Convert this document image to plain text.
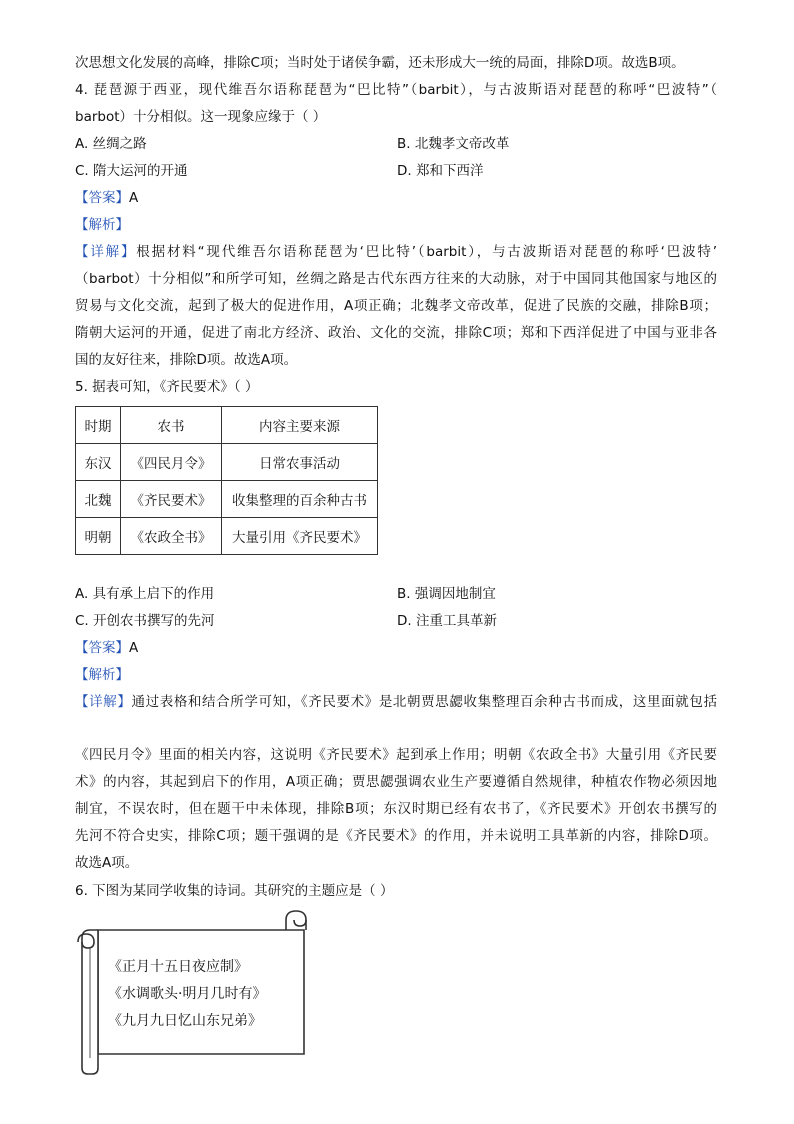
次思想文化发展的高峰，排除C项；当时处于诸侯争霸，还未形成大一统的局面，排除D项。故选B项。
4. 琵琶源于西亚，现代维吾尔语称琵琶为“巴比特”（barbit），与古波斯语对琵琶的称呼“巴波特”（
barbot）十分相似。这一现象应缘于（ ）
A. 丝绸之路	B. 北魏孝文帝改革
C. 隋大运河的开通	D. 郑和下西洋
【答案】A
【解析】
【详解】根据材料“现代维吾尔语称琵琶为‘巴比特’（barbit），与古波斯语对琵琶的称呼‘巴波特’
（barbot）十分相似”和所学可知，丝绸之路是古代东西方往来的大动脉，对于中国同其他国家与地区的
贸易与文化交流，起到了极大的促进作用，A项正确；北魏孝文帝改革，促进了民族的交融，排除B项；
隋朝大运河的开通，促进了南北方经济、政治、文化的交流，排除C项；郑和下西洋促进了中国与亚非各
国的友好往来，排除D项。故选A项。
5. 据表可知，《齐民要术》（ ）
时期	农书	内容主要来源
东汉	《四民月令》	日常农事活动
北魏	《齐民要术》	收集整理的百余种古书
明朝	《农政全书》	大量引用《齐民要术》
A. 具有承上启下的作用	B. 强调因地制宜
C. 开创农书撰写的先河	D. 注重工具革新
【答案】A
【解析】
【详解】通过表格和结合所学可知，《齐民要术》是北朝贾思勰收集整理百余种古书而成，这里面就包括
《四民月令》里面的相关内容，这说明《齐民要术》起到承上作用；明朝《农政全书》大量引用《齐民要
术》的内容，其起到启下的作用，A项正确；贾思勰强调农业生产要遵循自然规律，种植农作物必须因地
制宜，不误农时，但在题干中未体现，排除B项；东汉时期已经有农书了，《齐民要术》开创农书撰写的
先河不符合史实，排除C项；题干强调的是《齐民要术》的作用，并未说明工具革新的内容，排除D项。
故选A项。
6. 下图为某同学收集的诗词。其研究的主题应是（ ）
《正月十五日夜应制》
《水调歌头·明月几时有》
《九月九日忆山东兄弟》
